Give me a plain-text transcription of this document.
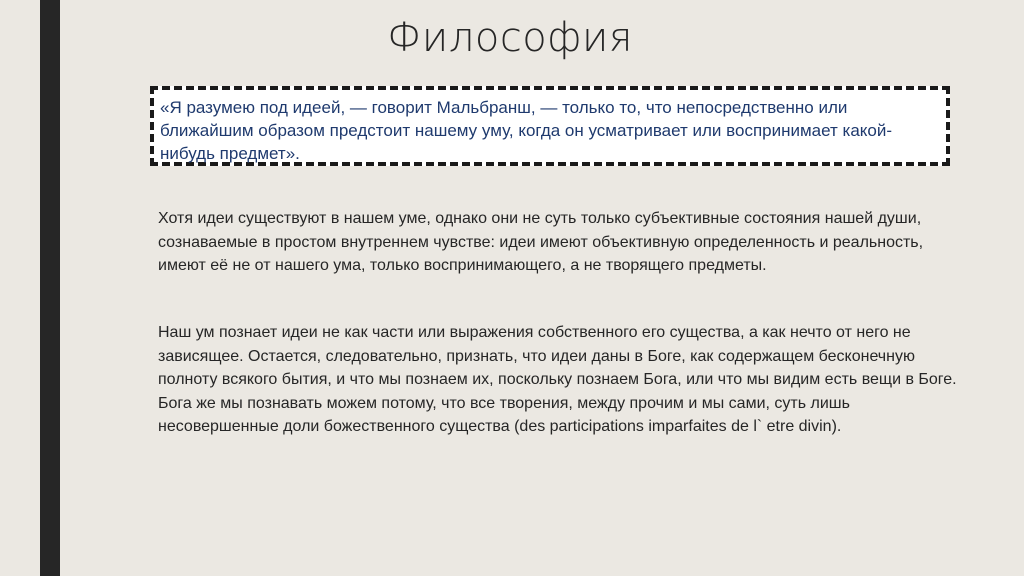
Философия
«Я разумею под идеей, — говорит Мальбранш, — только то, что непосредственно или ближайшим образом предстоит нашему уму, когда он усматривает или воспринимает какой-нибудь предмет».
Хотя идеи существуют в нашем уме, однако они не суть только субъективные состояния нашей души, сознаваемые в простом внутреннем чувстве: идеи имеют объективную определенность и реальность, имеют её не от нашего ума, только воспринимающего, а не творящего предметы.
Наш ум познает идеи не как части или выражения собственного его существа, а как нечто от него не зависящее. Остается, следовательно, признать, что идеи даны в Боге, как содержащем бесконечную полноту всякого бытия, и что мы познаем их, поскольку познаем Бога, или что мы видим есть вещи в Боге. Бога же мы познавать можем потому, что все творения, между прочим и мы сами, суть лишь несовершенные доли божественного существа (des participations imparfaites de l` etre divin).
